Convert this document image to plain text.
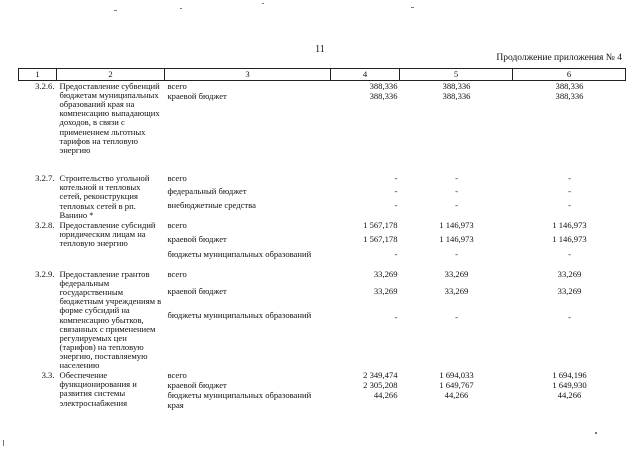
11
Продолжение приложения № 4
1	2	3	4	5	6
3.2.6.	Предоставление субвенций бюджетам муниципальных образований края на компенсацию выпадающих доходов, в связи с применением льготных тарифов на тепловую энергию	всего	388,336	388,336	388,336
		краевой бюджет	388,336	388,336	388,336

3.2.7.	Строительство угольной котельной и тепловых сетей, реконструкция тепловых сетей в рп. Ванино *	всего	-	-	-
		федеральный бюджет	-	-	-
		внебюджетные средства	-	-	-

3.2.8.	Предоставление субсидий юридическим лицам на тепловую энергию	всего	1 567,178	1 146,973	1 146,973
		краевой бюджет	1 567,178	1 146,973	1 146,973
		бюджеты муниципальных образований	-	-	-

3.2.9.	Предоставление грантов федеральным государственным бюджетным учреждениям в форме субсидий на компенсацию убытков, связанных с применением регулируемых цен (тарифов) на тепловую энергию, поставляемую населению	всего	33,269	33,269	33,269
		краевой бюджет	33,269	33,269	33,269
		бюджеты муниципальных образований	-	-	-

3.3.	Обеспечение функционирования и развития системы электроснабжения	всего	2 349,474	1 694,033	1 694,196
		краевой бюджет	2 305,208	1 649,767	1 649,930
		бюджеты муниципальных образований края	44,266	44,266	44,266
